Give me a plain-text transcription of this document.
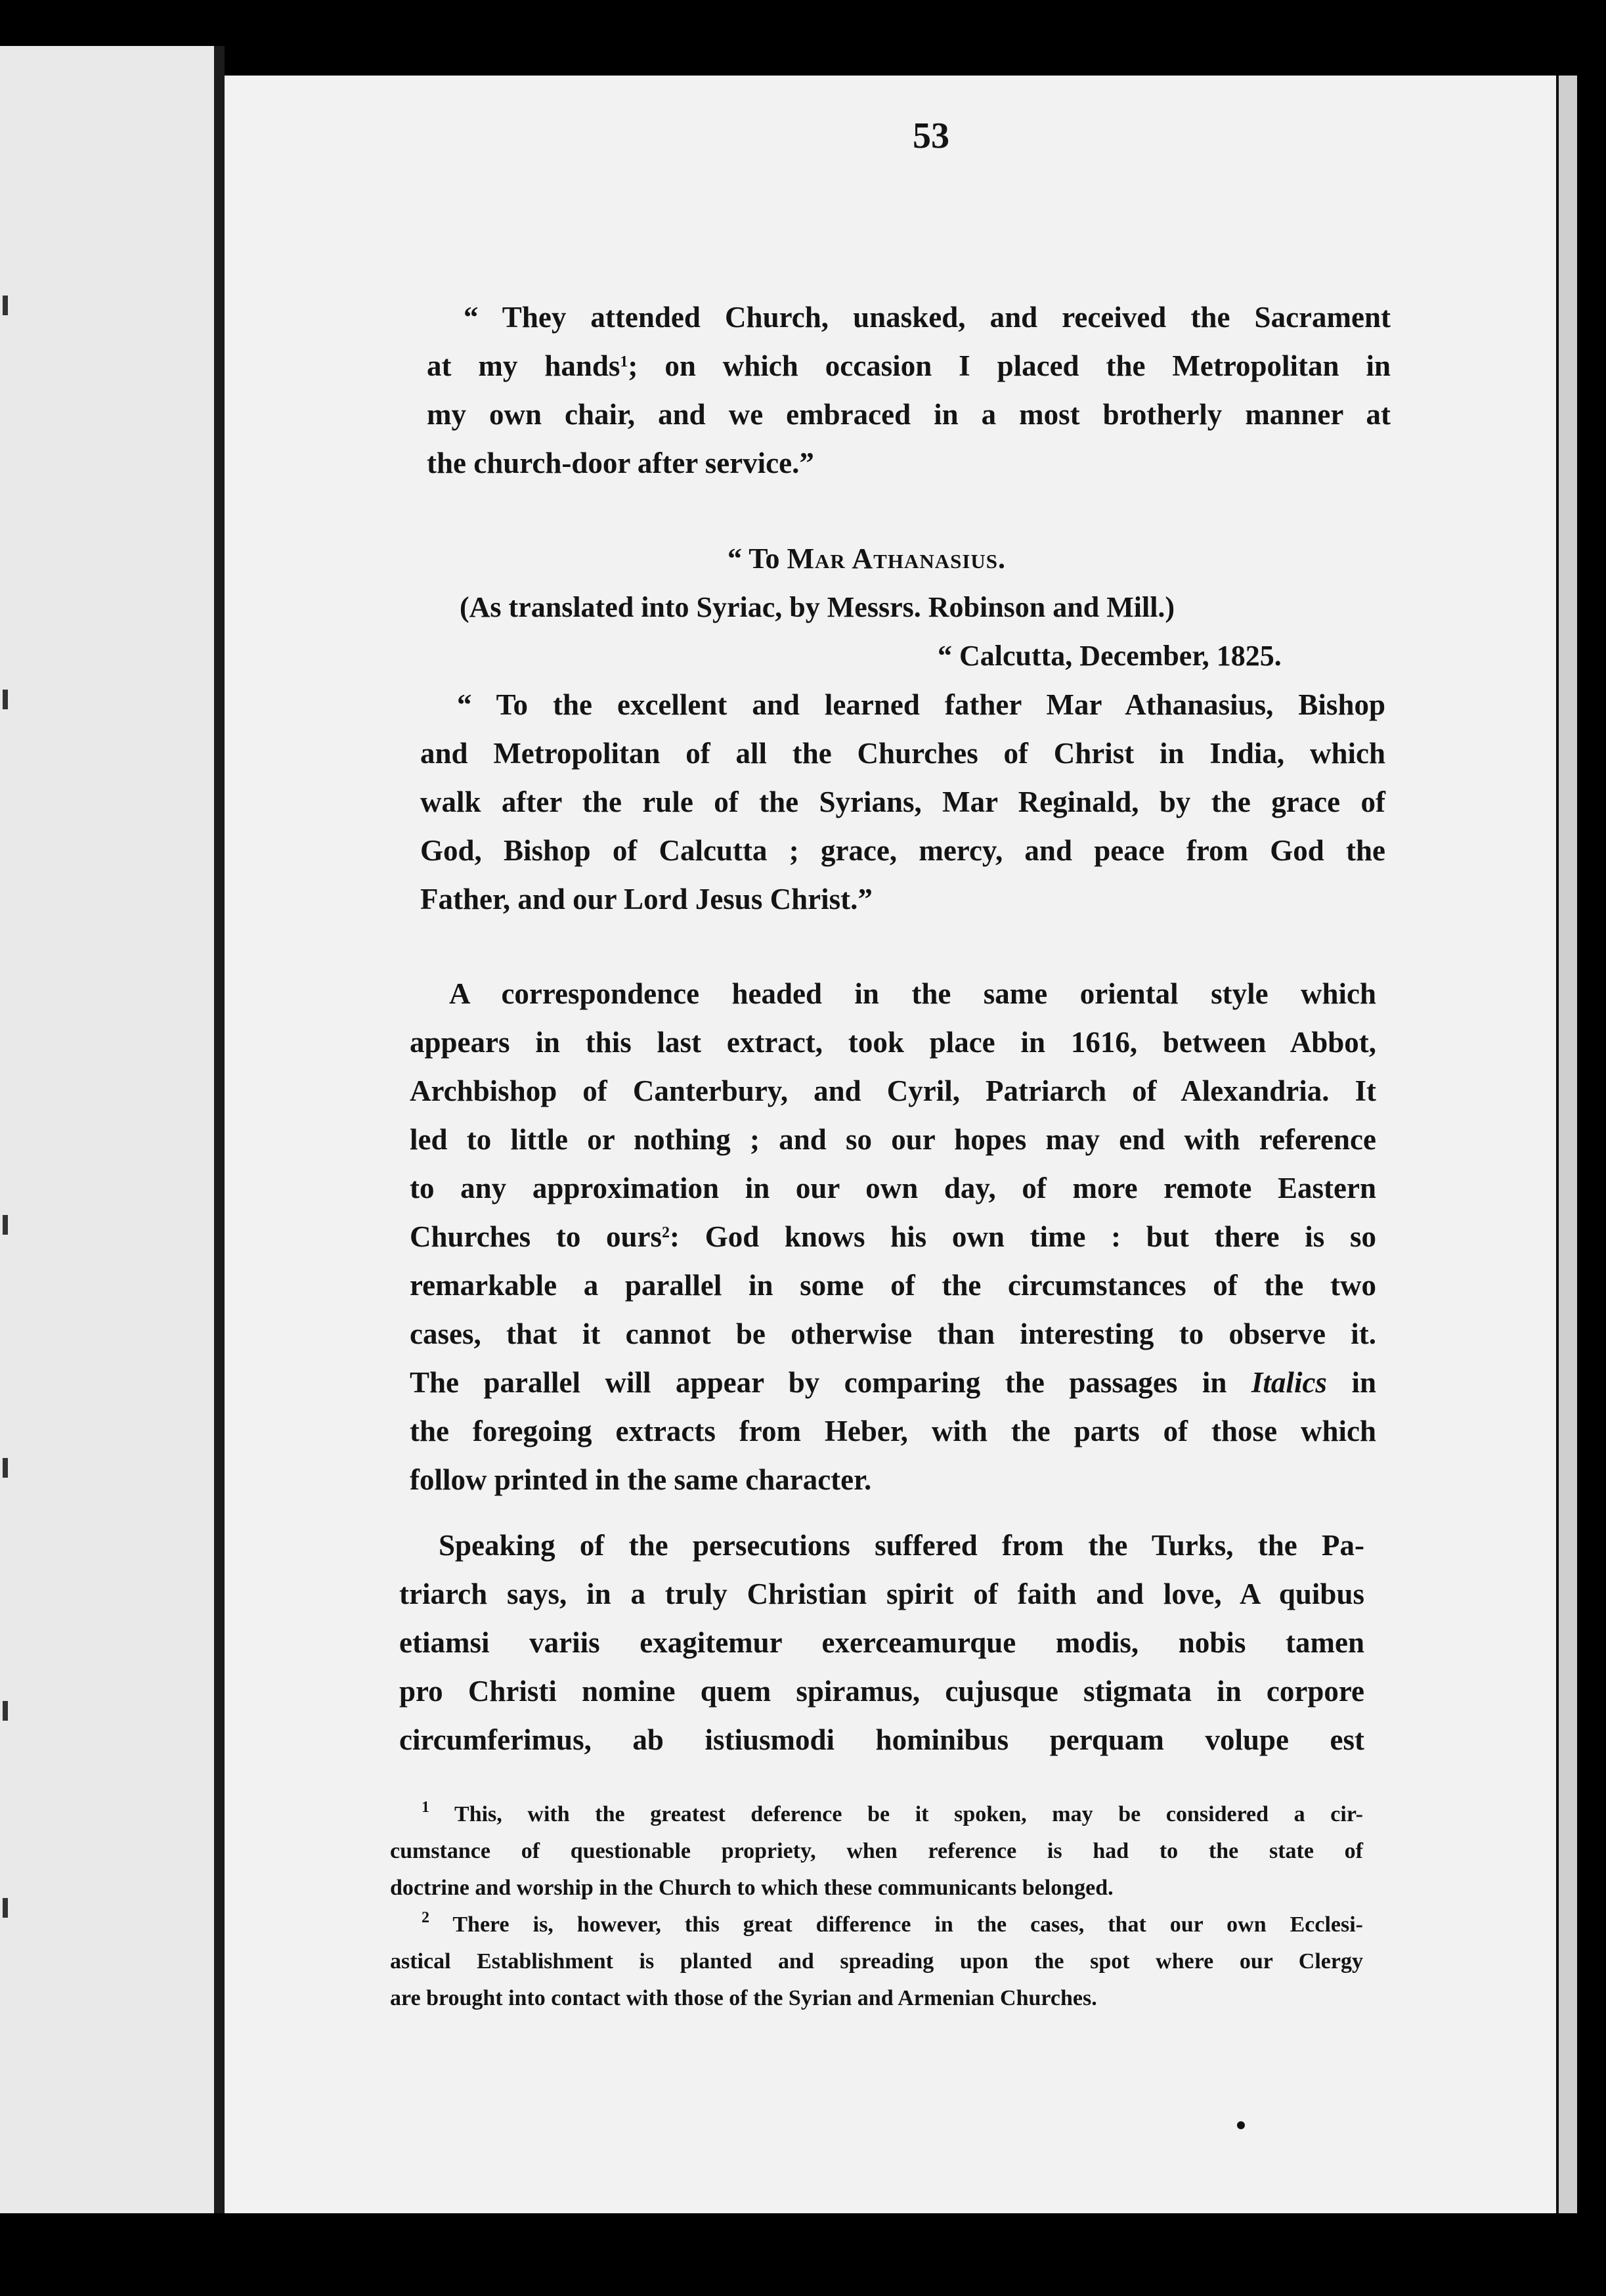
53

“ They attended Church, unasked, and received the Sacrament

at my hands$^1$; on which occasion I placed the Metropolitan in

my own chair, and we embraced in a most brotherly manner at

the church-door after service.”

“ To Mar Athanasius.
(As translated into Syriac, by Messrs. Robinson and Mill.)
“ Calcutta, December, 1825.

“ To the excellent and learned father Mar Athanasius, Bishop

and Metropolitan of all the Churches of Christ in India, which

walk after the rule of the Syrians, Mar Reginald, by the grace of

God, Bishop of Calcutta ; grace, mercy, and peace from God the

Father, and our Lord Jesus Christ.”

A correspondence headed in the same oriental style which

appears in this last extract, took place in 1616, between Abbot,

Archbishop of Canterbury, and Cyril, Patriarch of Alexandria. It

led to little or nothing ; and so our hopes may end with reference

to any approximation in our own day, of more remote Eastern

Churches to ours$^2$: God knows his own time : but there is so

remarkable a parallel in some of the circumstances of the two

cases, that it cannot be otherwise than interesting to observe it.

The parallel will appear by comparing the passages in Italics in

the foregoing extracts from Heber, with the parts of those which

follow printed in the same character.

Speaking of the persecutions suffered from the Turks, the Pa-

triarch says, in a truly Christian spirit of faith and love, A quibus

etiamsi variis exagitemur exerceamurque modis, nobis tamen

pro Christi nomine quem spiramus, cujusque stigmata in corpore

circumferimus, ab istiusmodi hominibus perquam volupe est

$^1$ This, with the greatest deference be it spoken, may be considered a cir-

cumstance of questionable propriety, when reference is had to the state of

doctrine and worship in the Church to which these communicants belonged.

$^2$ There is, however, this great difference in the cases, that our own Ecclesi-

astical Establishment is planted and spreading upon the spot where our Clergy

are brought into contact with those of the Syrian and Armenian Churches.
